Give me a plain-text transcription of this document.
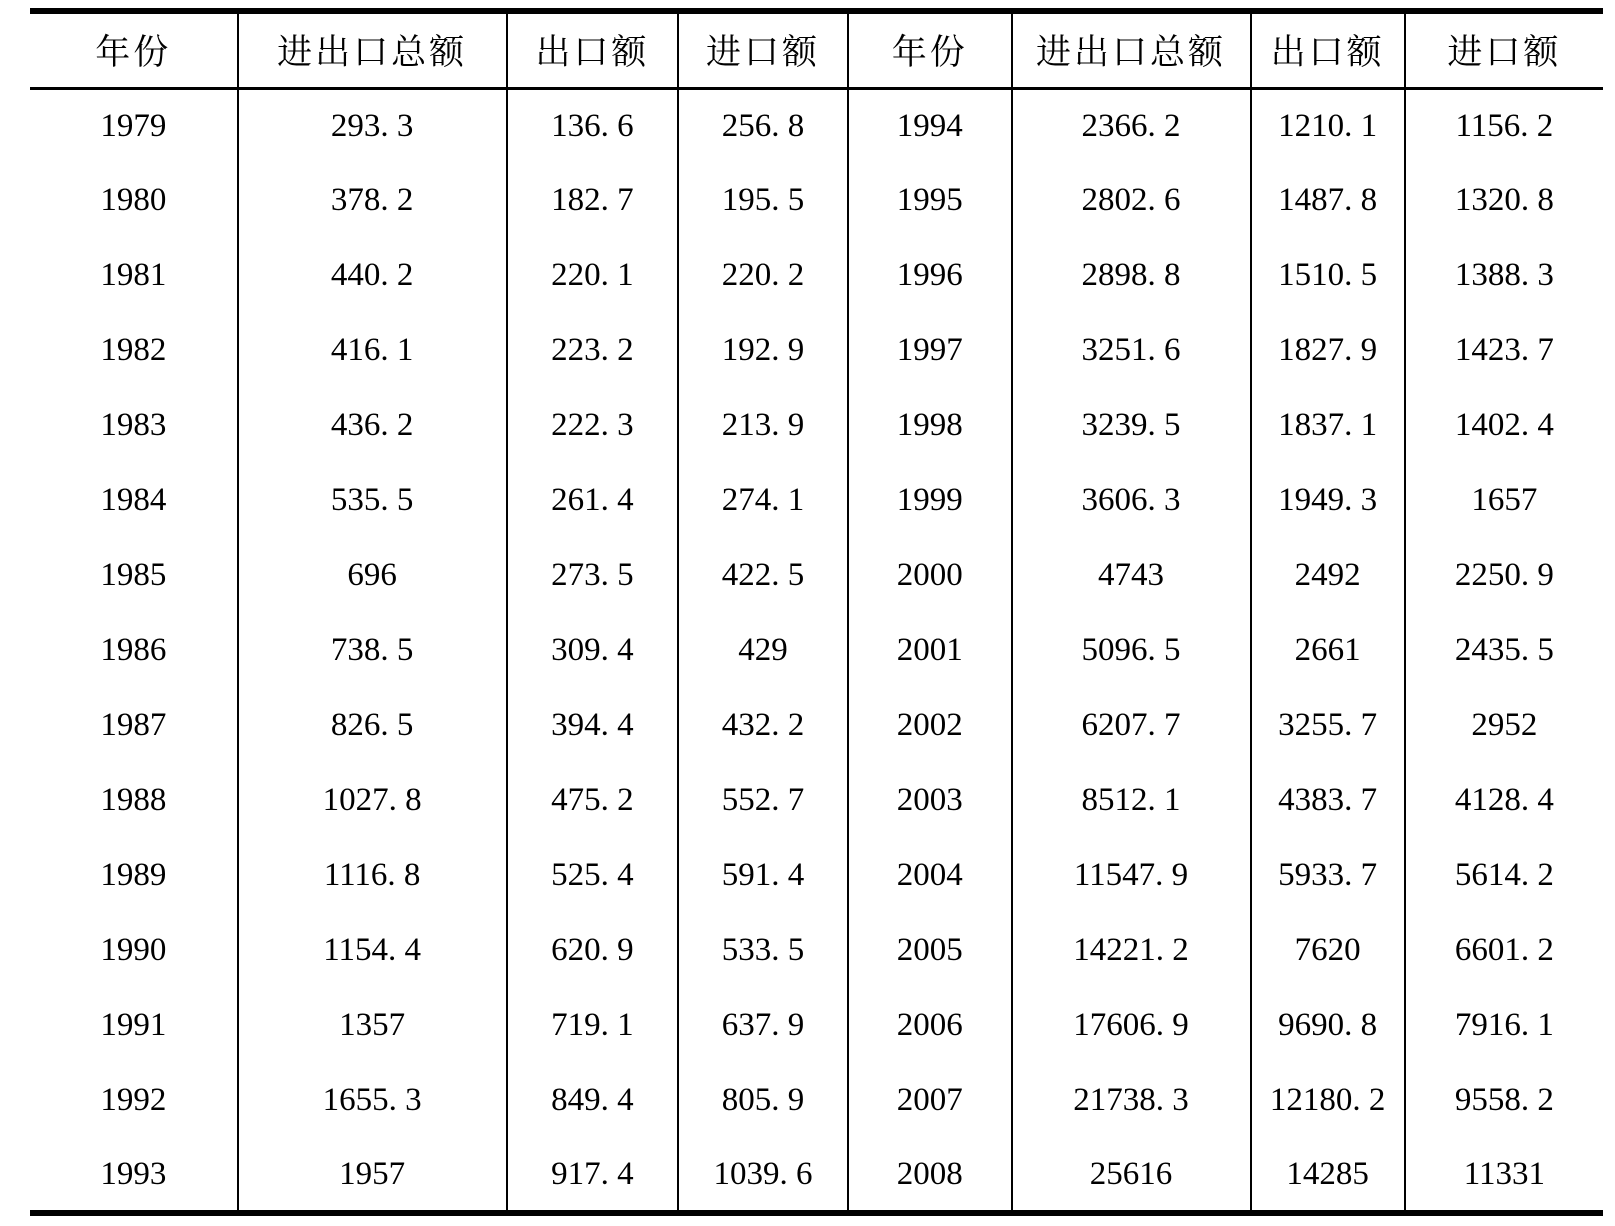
年份	进出口总额	出口额	进口额	年份	进出口总额	出口额	进口额
1979	293. 3	136. 6	256. 8	1994	2366. 2	1210. 1	1156. 2
1980	378. 2	182. 7	195. 5	1995	2802. 6	1487. 8	1320. 8
1981	440. 2	220. 1	220. 2	1996	2898. 8	1510. 5	1388. 3
1982	416. 1	223. 2	192. 9	1997	3251. 6	1827. 9	1423. 7
1983	436. 2	222. 3	213. 9	1998	3239. 5	1837. 1	1402. 4
1984	535. 5	261. 4	274. 1	1999	3606. 3	1949. 3	1657
1985	696	273. 5	422. 5	2000	4743	2492	2250. 9
1986	738. 5	309. 4	429	2001	5096. 5	2661	2435. 5
1987	826. 5	394. 4	432. 2	2002	6207. 7	3255. 7	2952
1988	1027. 8	475. 2	552. 7	2003	8512. 1	4383. 7	4128. 4
1989	1116. 8	525. 4	591. 4	2004	11547. 9	5933. 7	5614. 2
1990	1154. 4	620. 9	533. 5	2005	14221. 2	7620	6601. 2
1991	1357	719. 1	637. 9	2006	17606. 9	9690. 8	7916. 1
1992	1655. 3	849. 4	805. 9	2007	21738. 3	12180. 2	9558. 2
1993	1957	917. 4	1039. 6	2008	25616	14285	11331
